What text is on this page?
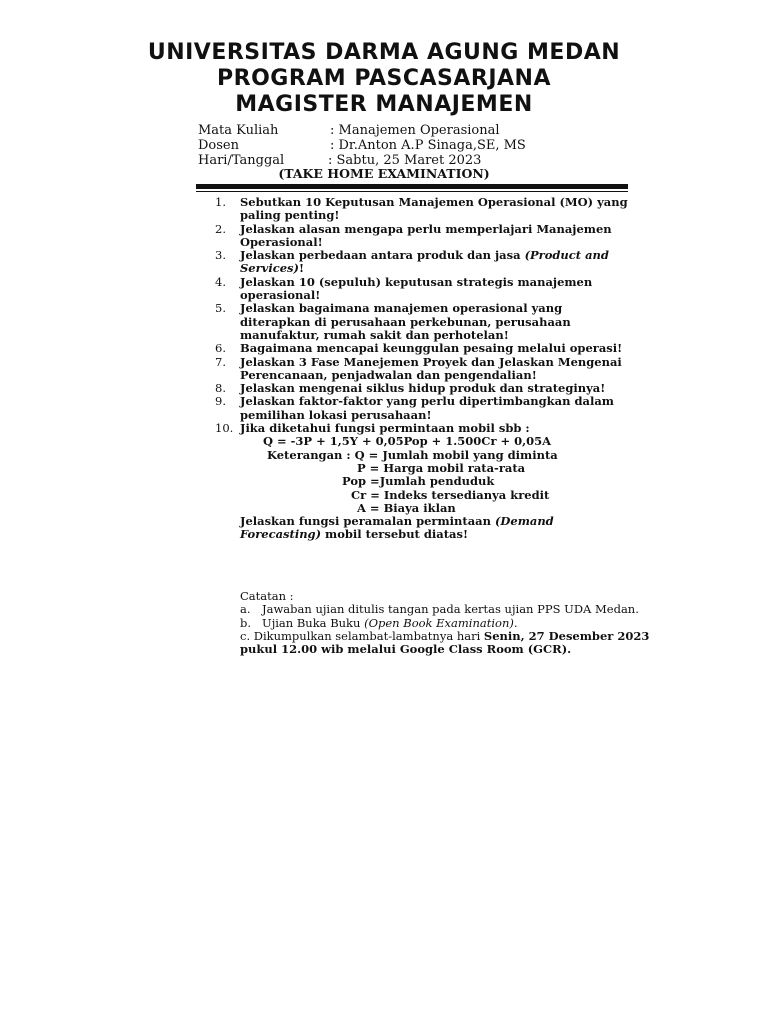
UNIVERSITAS DARMA AGUNG MEDAN
PROGRAM PASCASARJANA
MAGISTER MANAJEMEN
Mata Kuliah	: Manajemen Operasional
Dosen	: Dr.Anton A.P Sinaga,SE, MS
Hari/Tanggal	: Sabtu, 25 Maret 2023
(TAKE HOME EXAMINATION)
1. Sebutkan 10 Keputusan Manajemen Operasional (MO) yang paling penting!
2. Jelaskan alasan mengapa perlu memperlajari Manajemen Operasional!
3. Jelaskan perbedaan antara produk dan jasa (Product and Services)!
4. Jelaskan 10 (sepuluh) keputusan strategis manajemen operasional!
5. Jelaskan bagaimana manajemen operasional yang diterapkan di perusahaan perkebunan, perusahaan manufaktur, rumah sakit dan perhotelan!
6. Bagaimana mencapai keunggulan pesaing melalui operasi!
7. Jelaskan 3 Fase Manejemen Proyek dan Jelaskan Mengenai Perencanaan, penjadwalan dan pengendalian!
8. Jelaskan mengenai siklus hidup produk dan strateginya!
9. Jelaskan faktor-faktor yang perlu dipertimbangkan dalam pemilihan lokasi perusahaan!
10. Jika diketahui fungsi permintaan mobil sbb :
Q = -3P + 1,5Y + 0,05Pop + 1.500Cr + 0,05A
Keterangan : Q = Jumlah mobil yang diminta
P = Harga mobil rata-rata
Pop =Jumlah penduduk
Cr = Indeks tersedianya kredit
A = Biaya iklan
Jelaskan fungsi peramalan permintaan (Demand Forecasting) mobil tersebut diatas!
Catatan :
a. Jawaban ujian ditulis tangan pada kertas ujian PPS UDA Medan.
b. Ujian Buka Buku (Open Book Examination).
c. Dikumpulkan selambat-lambatnya hari Senin, 27 Desember 2023 pukul 12.00 wib melalui Google Class Room (GCR).
